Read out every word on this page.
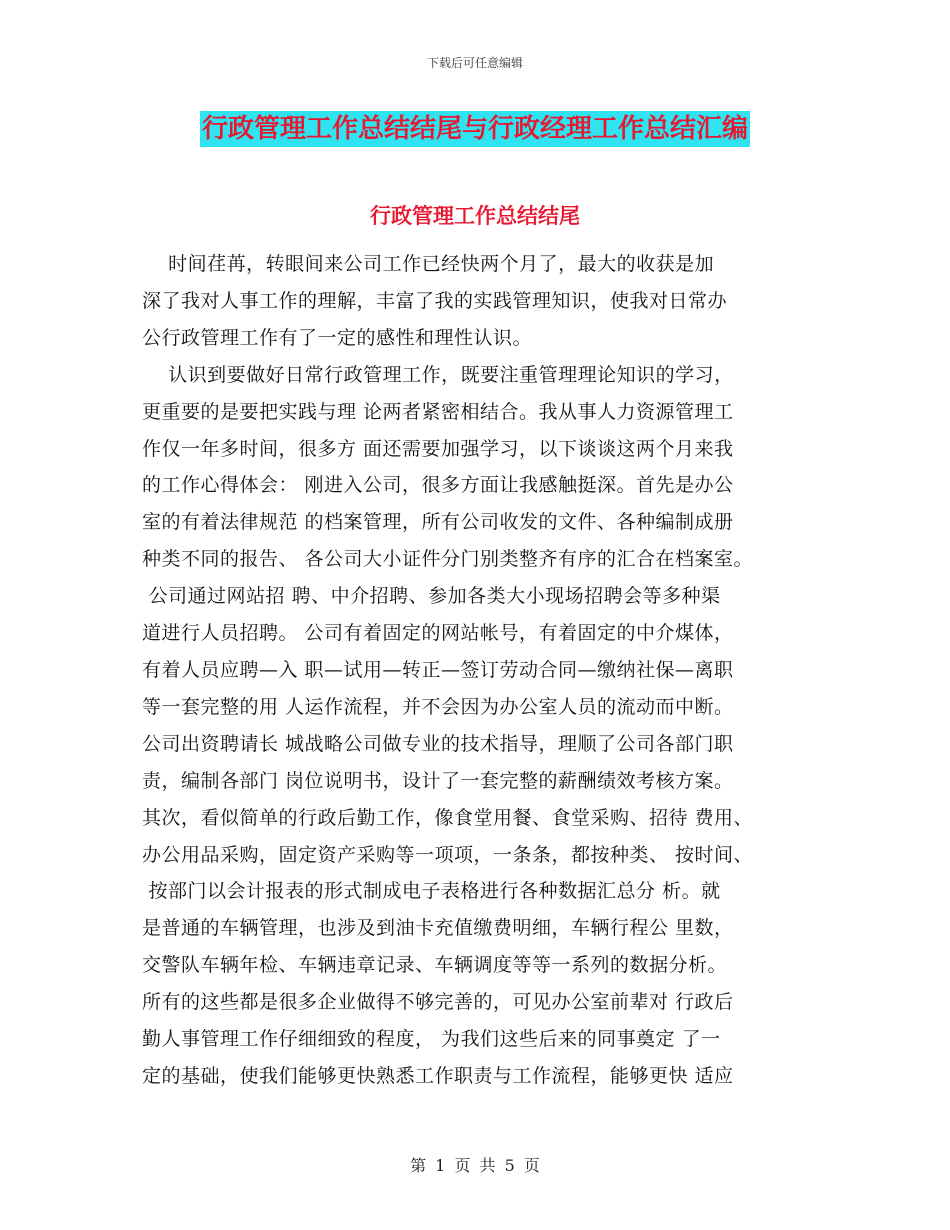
下载后可任意编辑
行政管理工作总结结尾与行政经理工作总结汇编
行政管理工作总结结尾
时间荏苒，转眼间来公司工作已经快两个月了，最大的收获是加
深了我对人事工作的理解，丰富了我的实践管理知识，使我对日常办
公行政管理工作有了一定的感性和理性认识。
认识到要做好日常行政管理工作，既要注重管理理论知识的学习，
更重要的是要把实践与理 论两者紧密相结合。我从事人力资源管理工
作仅一年多时间，很多方 面还需要加强学习，以下谈谈这两个月来我
的工作心得体会： 刚进入公司，很多方面让我感触挺深。首先是办公
室的有着法律规范 的档案管理，所有公司收发的文件、各种编制成册
种类不同的报告、 各公司大小证件分门别类整齐有序的汇合在档案室。
公司通过网站招 聘、中介招聘、参加各类大小现场招聘会等多种渠
道进行人员招聘。 公司有着固定的网站帐号，有着固定的中介煤体，
有着人员应聘—入 职—试用—转正—签订劳动合同—缴纳社保—离职
等一套完整的用 人运作流程，并不会因为办公室人员的流动而中断。
公司出资聘请长 城战略公司做专业的技术指导，理顺了公司各部门职
责，编制各部门 岗位说明书，设计了一套完整的薪酬绩效考核方案。
其次，看似简单的行政后勤工作，像食堂用餐、食堂采购、招待 费用、
办公用品采购，固定资产采购等一项项，一条条，都按种类、 按时间、
按部门以会计报表的形式制成电子表格进行各种数据汇总分 析。就
是普通的车辆管理，也涉及到油卡充值缴费明细，车辆行程公 里数，
交警队车辆年检、车辆违章记录、车辆调度等等一系列的数据分析。
所有的这些都是很多企业做得不够完善的，可见办公室前辈对 行政后
勤人事管理工作仔细细致的程度， 为我们这些后来的同事奠定 了一
定的基础，使我们能够更快熟悉工作职责与工作流程，能够更快 适应
第 1 页 共 5 页
